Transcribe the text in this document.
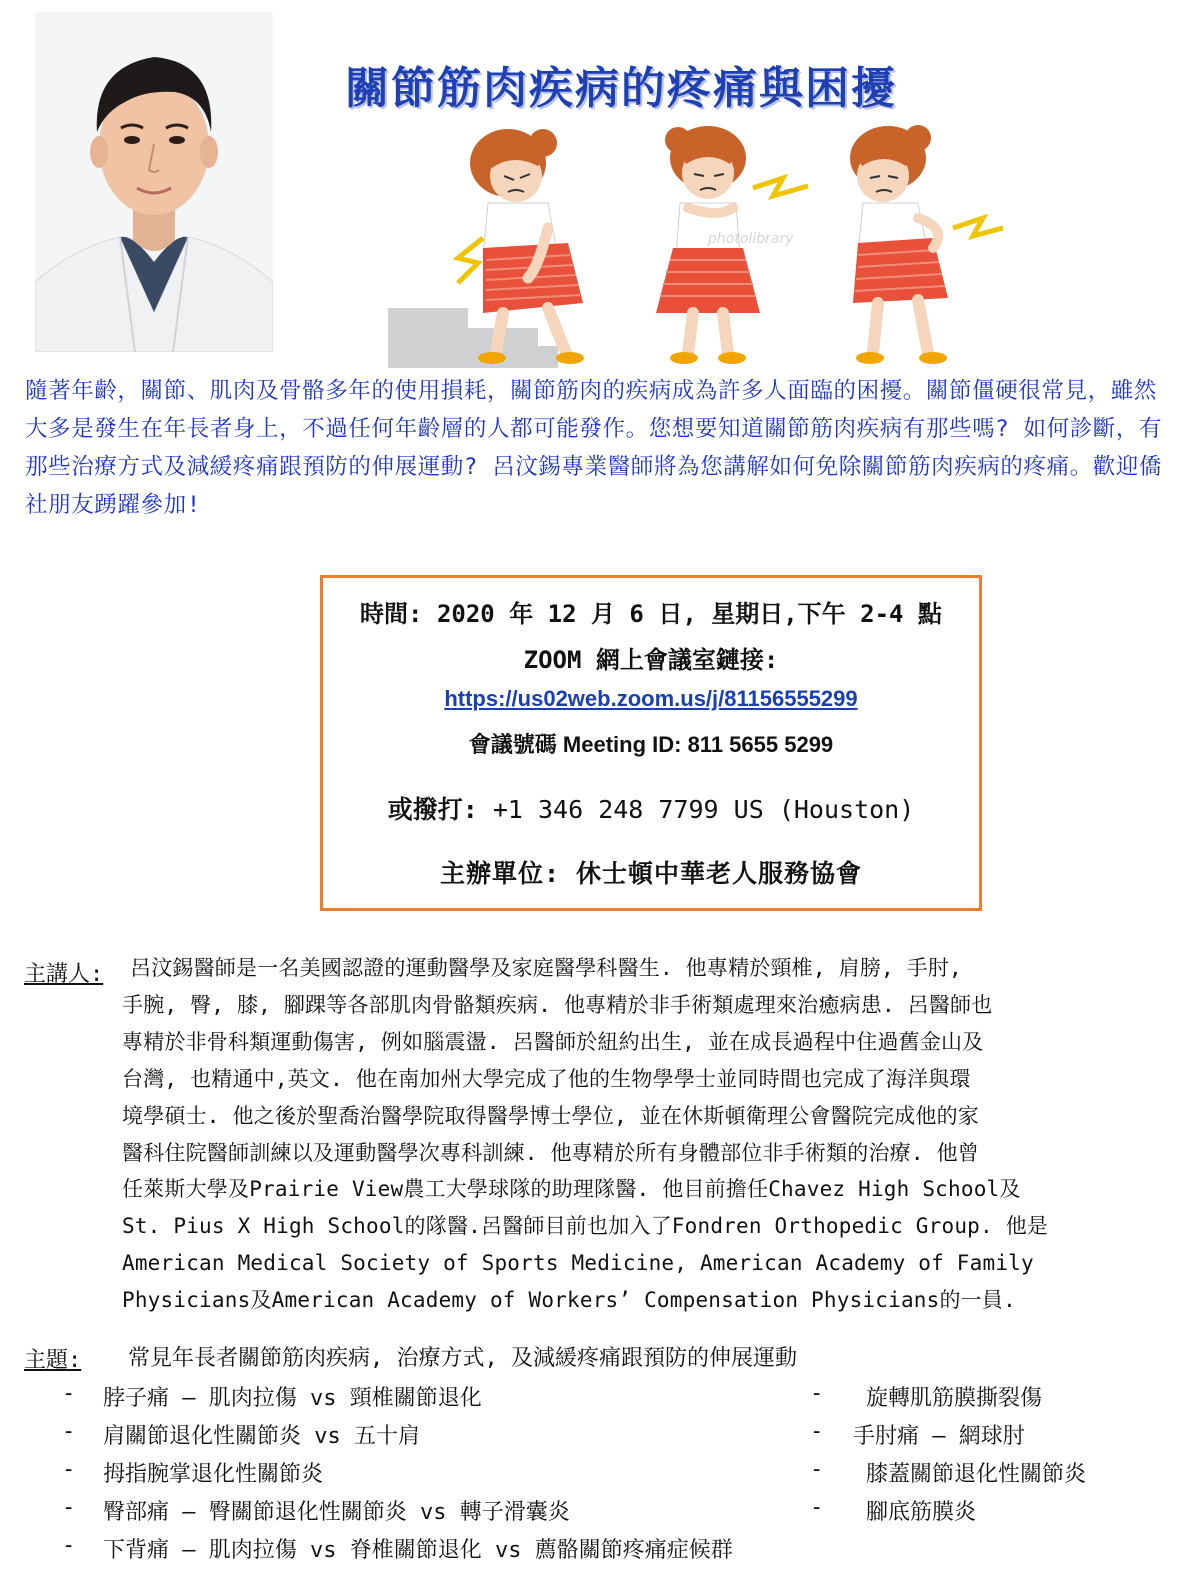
關節筋肉疾病的疼痛與困擾
photolibrary
隨著年齡，關節、肌肉及骨骼多年的使用損耗，關節筋肉的疾病成為許多人面臨的困擾。關節僵硬很常見，雖然大多是發生在年長者身上，不過任何年齡層的人都可能發作。您想要知道關節筋肉疾病有那些嗎? 如何診斷，有那些治療方式及減緩疼痛跟預防的伸展運動? 呂汶錫專業醫師將為您講解如何免除關節筋肉疾病的疼痛。歡迎僑社朋友踴躍參加!
時間: 2020 年 12 月 6 日, 星期日,下午 2-4 點
ZOOM 網上會議室鏈接:
https://us02web.zoom.us/j/81156555299
會議號碼 Meeting ID: 811 5655 5299
或撥打: +1 346 248 7799 US (Houston)
主辦單位: 休士頓中華老人服務協會
主講人: 呂汶錫醫師是一名美國認證的運動醫學及家庭醫學科醫生. 他專精於頸椎, 肩膀, 手肘,
手腕, 臀, 膝, 腳踝等各部肌肉骨骼類疾病. 他專精於非手術類處理來治癒病患. 呂醫師也
專精於非骨科類運動傷害, 例如腦震盪. 呂醫師於紐約出生, 並在成長過程中住過舊金山及
台灣, 也精通中,英文. 他在南加州大學完成了他的生物學學士並同時間也完成了海洋與環
境學碩士. 他之後於聖喬治醫學院取得醫學博士學位, 並在休斯頓衛理公會醫院完成他的家
醫科住院醫師訓練以及運動醫學次專科訓練. 他專精於所有身體部位非手術類的治療. 他曾
任萊斯大學及Prairie View農工大學球隊的助理隊醫. 他目前擔任Chavez High School及
St. Pius X High School的隊醫.呂醫師目前也加入了Fondren Orthopedic Group. 他是
American Medical Society of Sports Medicine, American Academy of Family
Physicians及American Academy of Workers’ Compensation Physicians的一員.
主題: 常見年長者關節筋肉疾病, 治療方式, 及減緩疼痛跟預防的伸展運動
- 脖子痛 – 肌肉拉傷 vs 頸椎關節退化
- 肩關節退化性關節炎 vs 五十肩
- 拇指腕掌退化性關節炎
- 臀部痛 – 臀關節退化性關節炎 vs 轉子滑囊炎
- 下背痛 – 肌肉拉傷 vs 脊椎關節退化 vs 薦骼關節疼痛症候群
- 旋轉肌筋膜撕裂傷
- 手肘痛 – 網球肘
- 膝蓋關節退化性關節炎
- 腳底筋膜炎
